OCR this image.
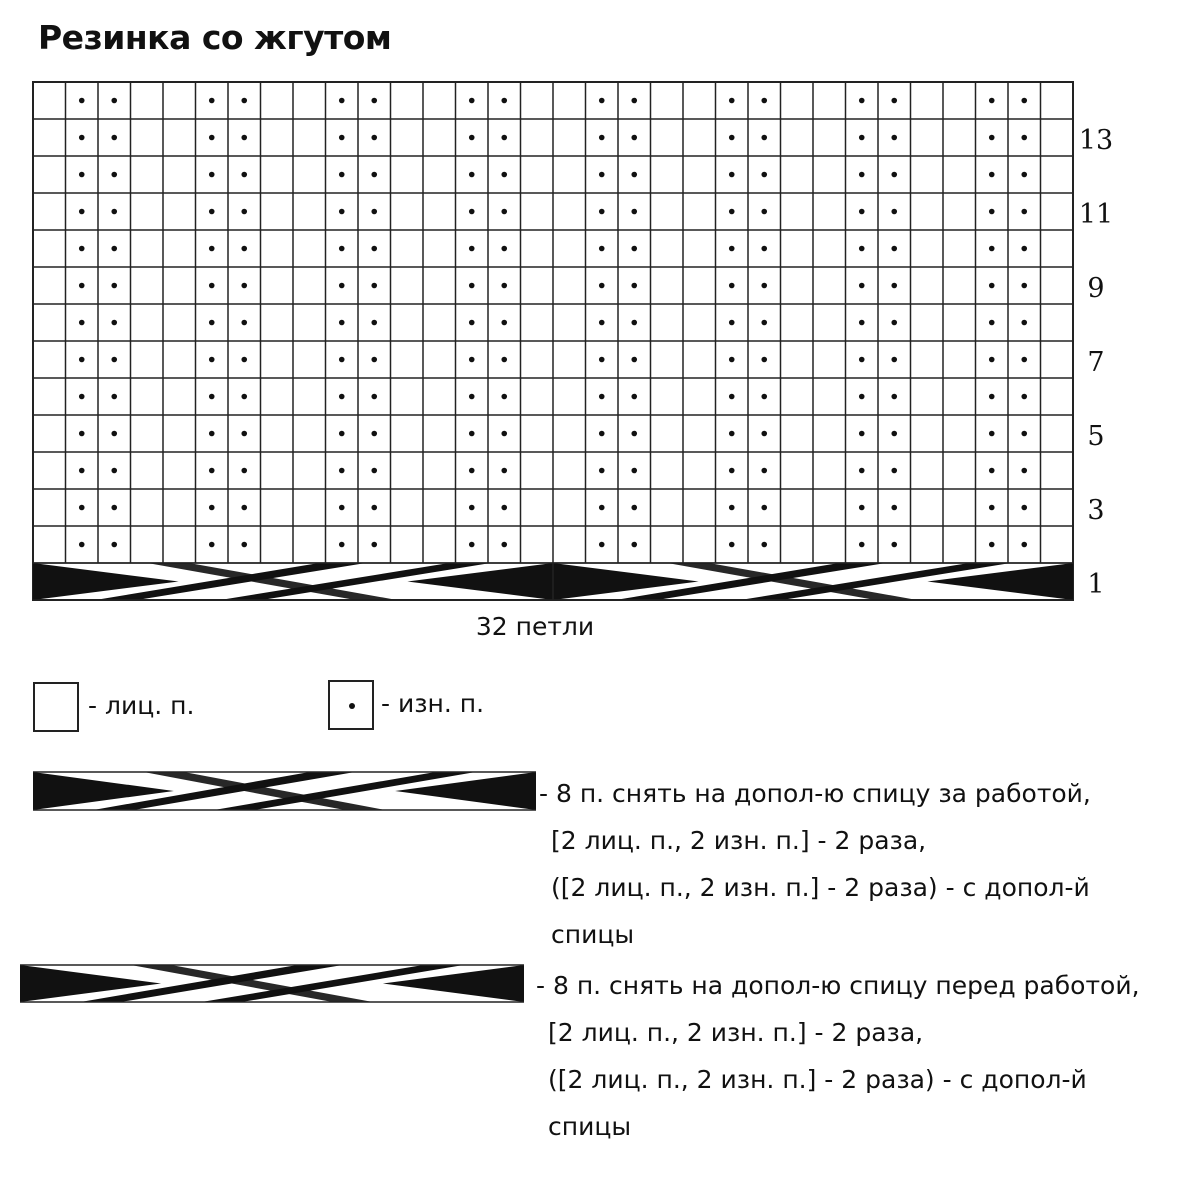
Резинка со жгутом
13
11
9
7
5
3
1
32 петли
- лиц. п.	- изн. п.
- 8 п. снять на допол-ю спицу за работой,
[2 лиц. п., 2 изн. п.] - 2 раза,
([2 лиц. п., 2 изн. п.] - 2 раза) - с допол-й
спицы
- 8 п. снять на допол-ю спицу перед работой,
[2 лиц. п., 2 изн. п.] - 2 раза,
([2 лиц. п., 2 изн. п.] - 2 раза) - с допол-й
спицы
